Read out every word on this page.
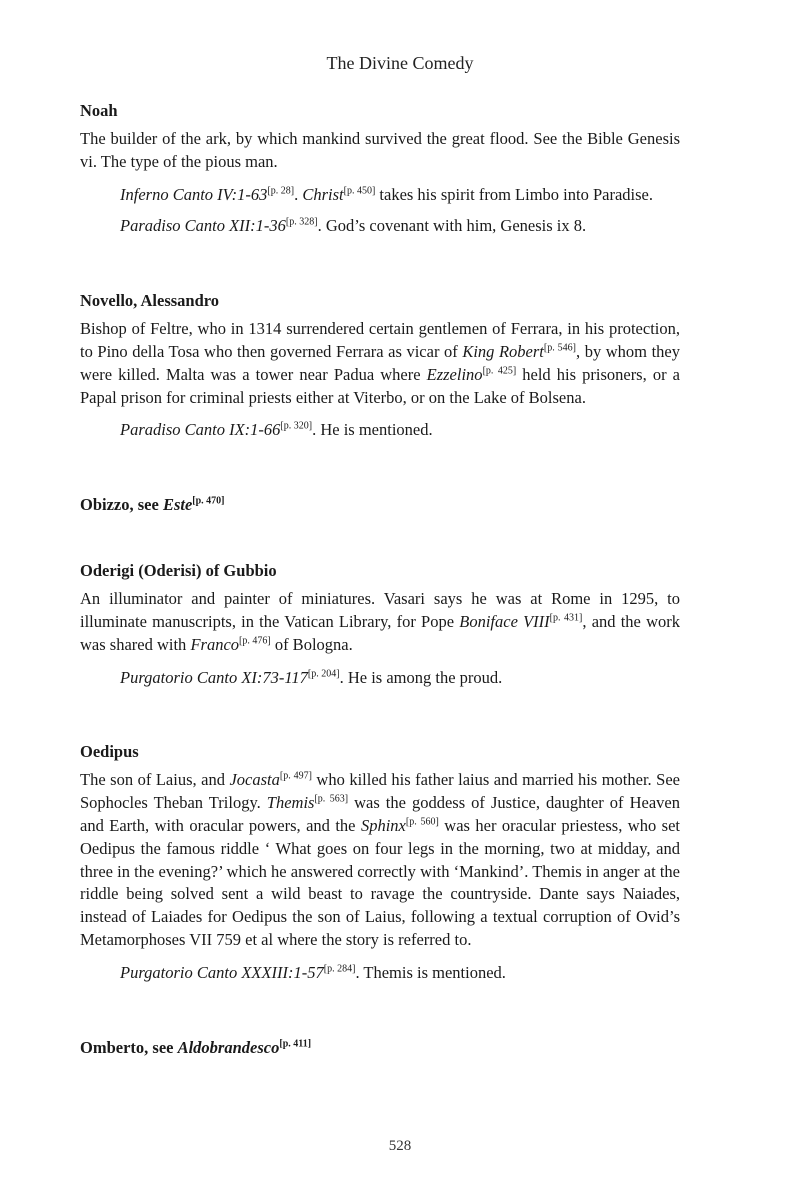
The Divine Comedy
Noah

The builder of the ark, by which mankind survived the great flood. See the Bible Genesis vi. The type of the pious man.

Inferno Canto IV:1-63[p. 28]. Christ[p. 450] takes his spirit from Limbo into Paradise.
Paradiso Canto XII:1-36[p. 328]. God’s covenant with him, Genesis ix 8.
Novello, Alessandro

Bishop of Feltre, who in 1314 surrendered certain gentlemen of Ferrara, in his protection, to Pino della Tosa who then governed Ferrara as vicar of King Robert[p. 546], by whom they were killed. Malta was a tower near Padua where Ezzelino[p. 425] held his prisoners, or a Papal prison for criminal priests either at Viterbo, or on the Lake of Bolsena.

Paradiso Canto IX:1-66[p. 320]. He is mentioned.
Obizzo, see Este[p. 470]
Oderigi (Oderisi) of Gubbio

An illuminator and painter of miniatures. Vasari says he was at Rome in 1295, to illuminate manuscripts, in the Vatican Library, for Pope Boniface VIII[p. 431], and the work was shared with Franco[p. 476] of Bologna.

Purgatorio Canto XI:73-117[p. 204]. He is among the proud.
Oedipus

The son of Laius, and Jocasta[p. 497] who killed his father laius and married his mother. See Sophocles Theban Trilogy. Themis[p. 563] was the goddess of Justice, daughter of Heaven and Earth, with oracular powers, and the Sphinx[p. 560] was her oracular priestess, who set Oedipus the famous riddle ‘ What goes on four legs in the morning, two at midday, and three in the evening?’ which he answered correctly with ‘Mankind’. Themis in anger at the riddle being solved sent a wild beast to ravage the countryside. Dante says Naiades, instead of Laiades for Oedipus the son of Laius, following a textual corruption of Ovid’s Metamorphoses VII 759 et al where the story is referred to.

Purgatorio Canto XXXIII:1-57[p. 284]. Themis is mentioned.
Omberto, see Aldobrandesco[p. 411]
528
